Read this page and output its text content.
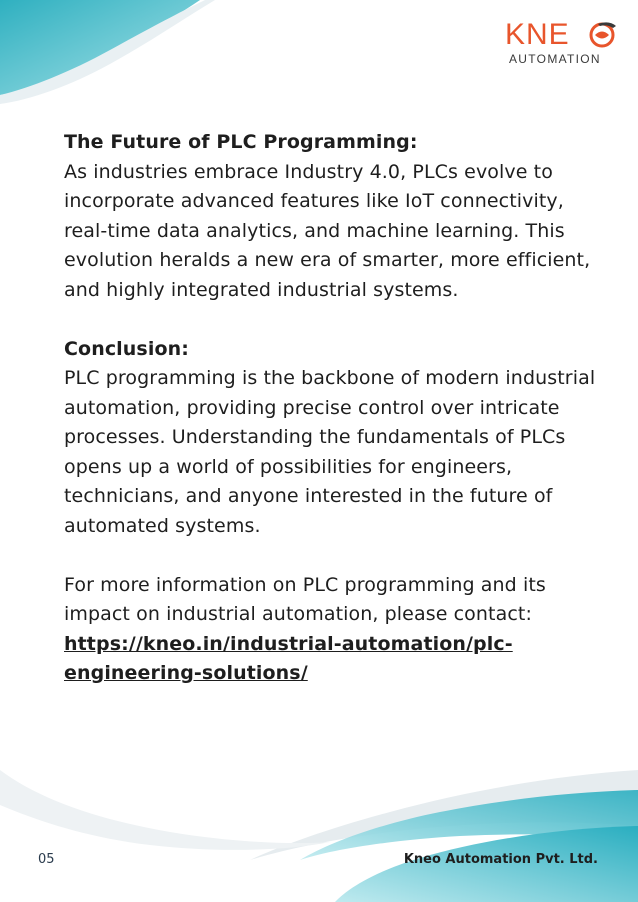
KNE
AUTOMATION

The Future of PLC Programming:
As industries embrace Industry 4.0, PLCs evolve to incorporate advanced features like IoT connectivity, real-time data analytics, and machine learning. This evolution heralds a new era of smarter, more efficient, and highly integrated industrial systems.

Conclusion:
PLC programming is the backbone of modern industrial automation, providing precise control over intricate processes. Understanding the fundamentals of PLCs opens up a world of possibilities for engineers, technicians, and anyone interested in the future of automated systems.

For more information on PLC programming and its impact on industrial automation, please contact:
https://kneo.in/industrial-automation/plc-engineering-solutions/

05	Kneo Automation Pvt. Ltd.
